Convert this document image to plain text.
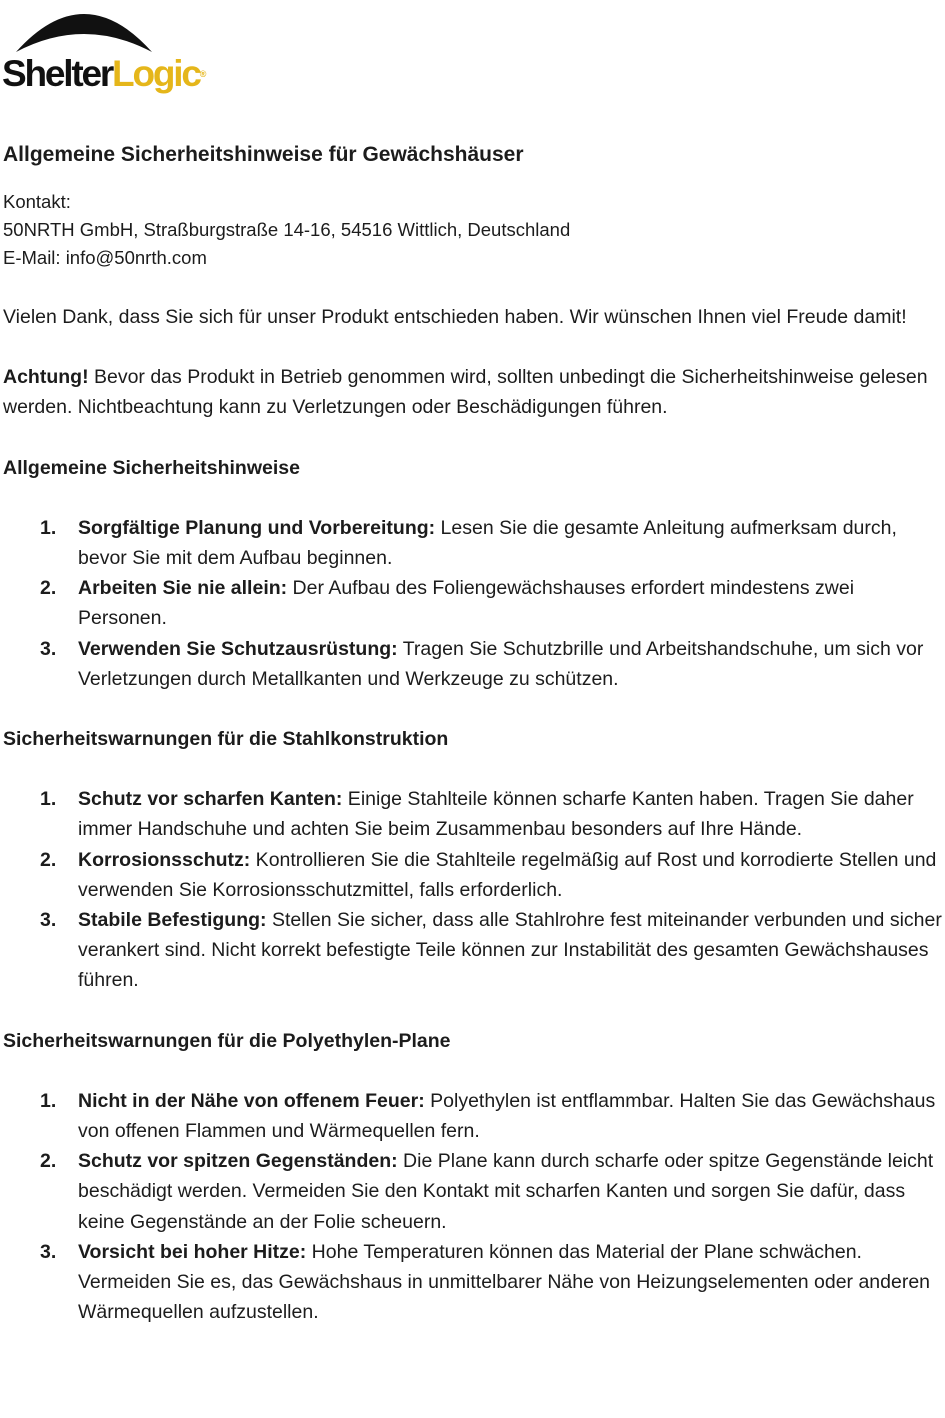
ShelterLogic®
Allgemeine Sicherheitshinweise für Gewächshäuser
Kontakt:
50NRTH GmbH, Straßburgstraße 14-16, 54516 Wittlich, Deutschland
E-Mail: info@50nrth.com

Vielen Dank, dass Sie sich für unser Produkt entschieden haben. Wir wünschen Ihnen viel Freude damit!

Achtung! Bevor das Produkt in Betrieb genommen wird, sollten unbedingt die Sicherheitshinweise gelesen werden. Nichtbeachtung kann zu Verletzungen oder Beschädigungen führen.

Allgemeine Sicherheitshinweise
1. Sorgfältige Planung und Vorbereitung: Lesen Sie die gesamte Anleitung aufmerksam durch, bevor Sie mit dem Aufbau beginnen.
2. Arbeiten Sie nie allein: Der Aufbau des Foliengewächshauses erfordert mindestens zwei Personen.
3. Verwenden Sie Schutzausrüstung: Tragen Sie Schutzbrille und Arbeitshandschuhe, um sich vor Verletzungen durch Metallkanten und Werkzeuge zu schützen.
Sicherheitswarnungen für die Stahlkonstruktion
1. Schutz vor scharfen Kanten: Einige Stahlteile können scharfe Kanten haben. Tragen Sie daher immer Handschuhe und achten Sie beim Zusammenbau besonders auf Ihre Hände.
2. Korrosionsschutz: Kontrollieren Sie die Stahlteile regelmäßig auf Rost und korrodierte Stellen und verwenden Sie Korrosionsschutzmittel, falls erforderlich.
3. Stabile Befestigung: Stellen Sie sicher, dass alle Stahlrohre fest miteinander verbunden und sicher verankert sind. Nicht korrekt befestigte Teile können zur Instabilität des gesamten Gewächshauses führen.
Sicherheitswarnungen für die Polyethylen-Plane
1. Nicht in der Nähe von offenem Feuer: Polyethylen ist entflammbar. Halten Sie das Gewächshaus von offenen Flammen und Wärmequellen fern.
2. Schutz vor spitzen Gegenständen: Die Plane kann durch scharfe oder spitze Gegenstände leicht beschädigt werden. Vermeiden Sie den Kontakt mit scharfen Kanten und sorgen Sie dafür, dass keine Gegenstände an der Folie scheuern.
3. Vorsicht bei hoher Hitze: Hohe Temperaturen können das Material der Plane schwächen. Vermeiden Sie es, das Gewächshaus in unmittelbarer Nähe von Heizungselementen oder anderen Wärmequellen aufzustellen.
